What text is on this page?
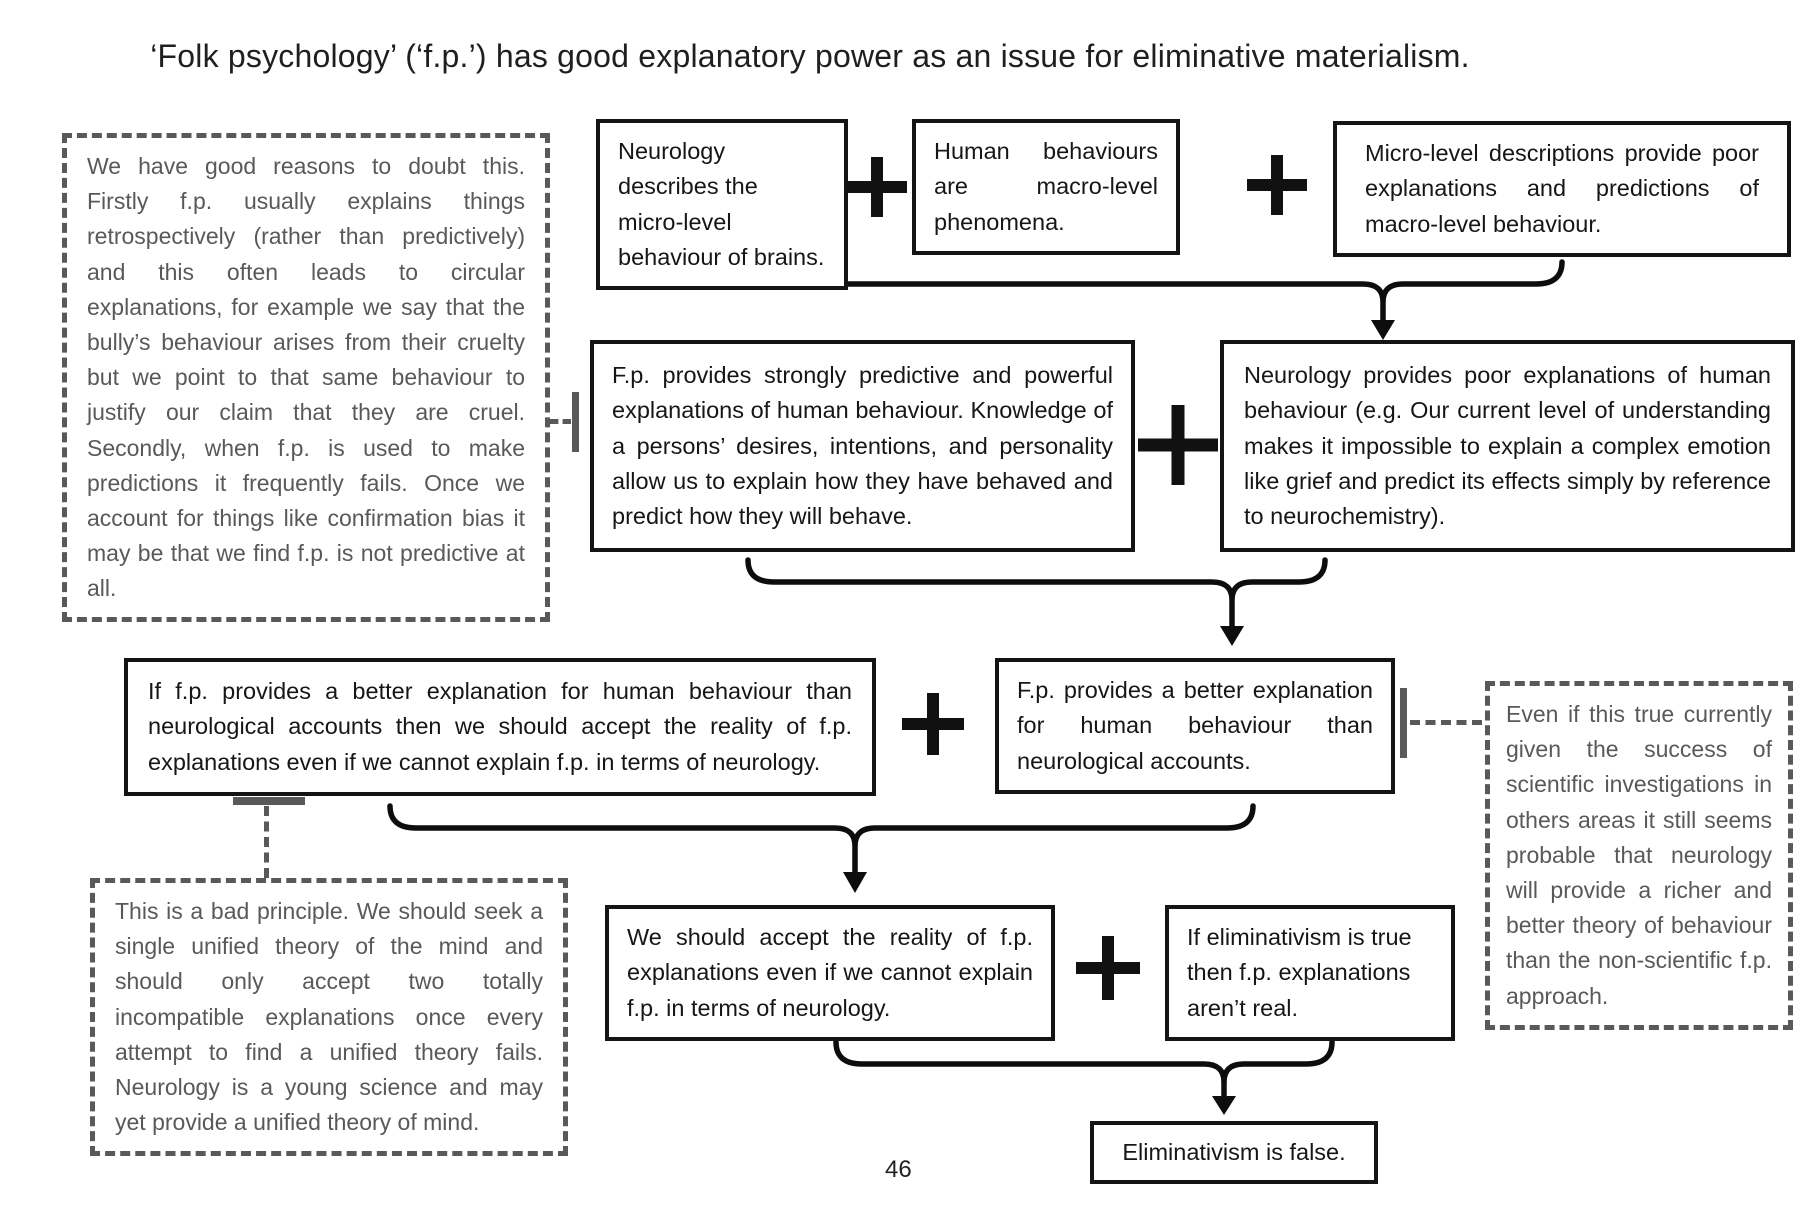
‘Folk psychology’ (‘f.p.’) has good explanatory power as an issue for eliminative materialism.
Neurology describes the micro-level behaviour of brains.
Human behaviours are macro-level phenomena.
Micro-level descriptions provide poor explanations and predictions of macro-level behaviour.
We have good reasons to doubt this. Firstly f.p. usually explains things retrospectively (rather than predictively) and this often leads to circular explanations, for example we say that the bully’s behaviour arises from their cruelty but we point to that same behaviour to justify our claim that they are cruel. Secondly, when f.p. is used to make predictions it frequently fails. Once we account for things like confirmation bias it may be that we find f.p. is not predictive at all.
F.p. provides strongly predictive and powerful explanations of human behaviour. Knowledge of a persons’ desires, intentions, and personality allow us to explain how they have behaved and predict how they will behave.
Neurology provides poor explanations of human behaviour (e.g. Our current level of understanding makes it impossible to explain a complex emotion like grief and predict its effects simply by reference to neurochemistry).
If f.p. provides a better explanation for human behaviour than neurological accounts then we should accept the reality of f.p. explanations even if we cannot explain f.p. in terms of neurology.
F.p. provides a better explanation for human behaviour than neurological accounts.
Even if this true currently given the success of scientific investigations in others areas it still seems probable that neurology will provide a richer and better theory of behaviour than the non-scientific f.p. approach.
This is a bad principle. We should seek a single unified theory of the mind and should only accept two totally incompatible explanations once every attempt to find a unified theory fails. Neurology is a young science and may yet provide a unified theory of mind.
We should accept the reality of f.p. explanations even if we cannot explain f.p. in terms of neurology.
If eliminativism is true then f.p. explanations aren’t real.
Eliminativism is false.
46
